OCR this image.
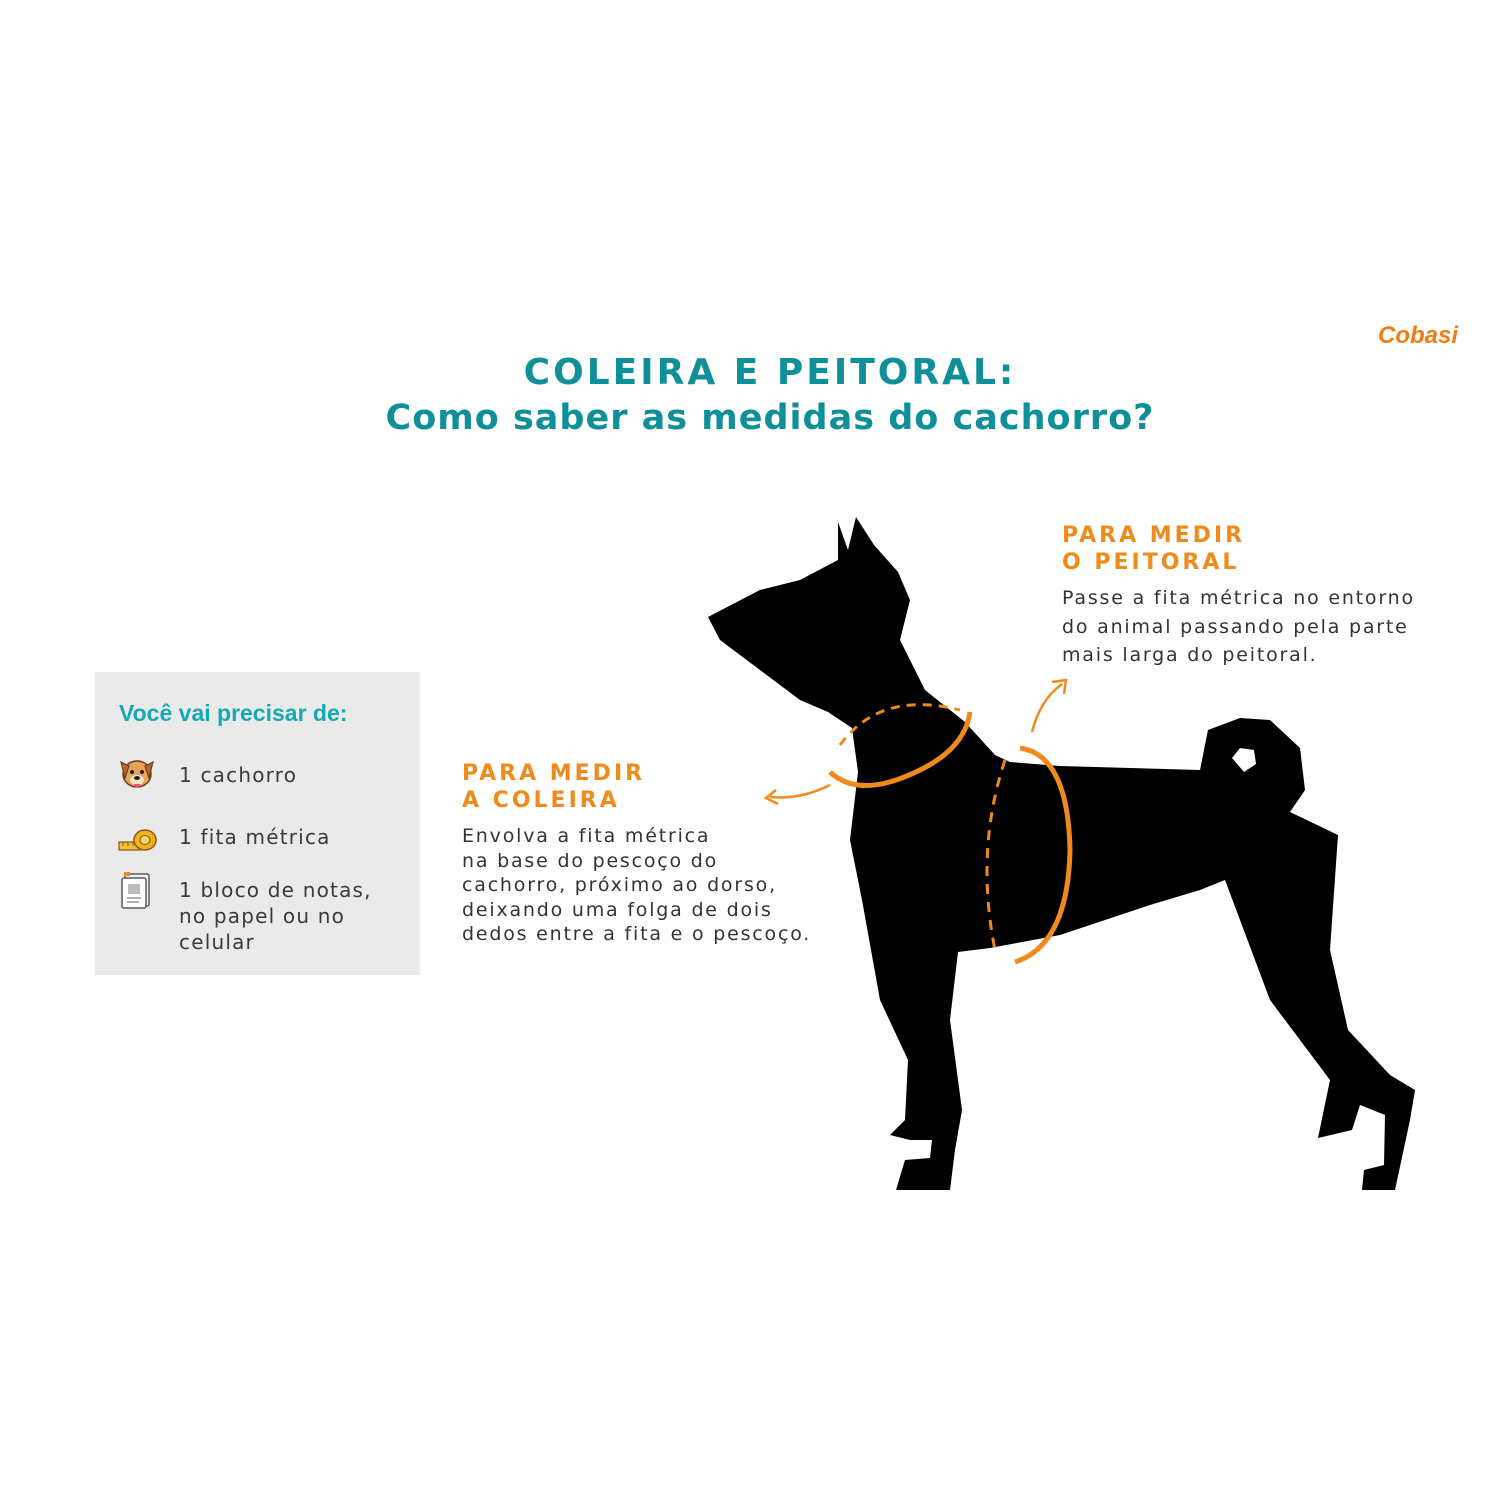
Cobasi
COLEIRA E PEITORAL:
Como saber as medidas do cachorro?
Você vai precisar de:
1 cachorro
1 fita métrica
1 bloco de notas,
no papel ou no
celular
PARA MEDIR
A COLEIRA
Envolva a fita métrica
na base do pescoço do
cachorro, próximo ao dorso,
deixando uma folga de dois
dedos entre a fita e o pescoço.
PARA MEDIR
O PEITORAL
Passe a fita métrica no entorno
do animal passando pela parte
mais larga do peitoral.
